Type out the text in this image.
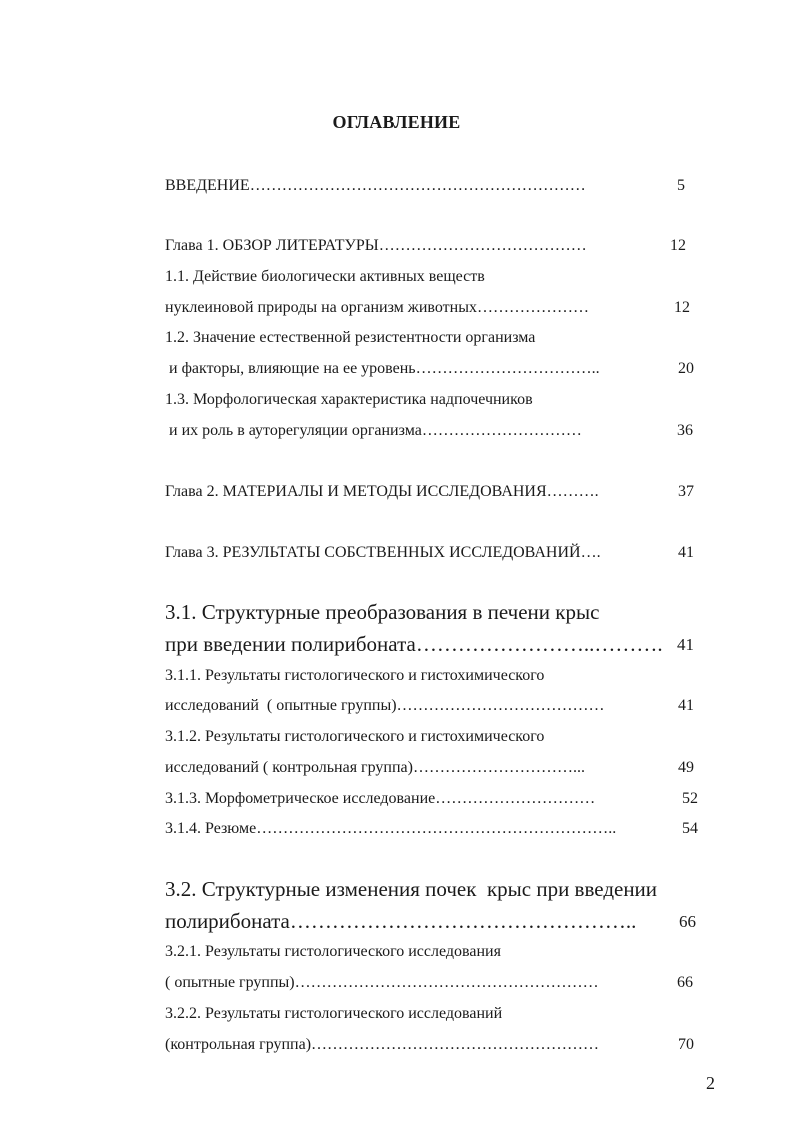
ОГЛАВЛЕНИЕ
ВВЕДЕНИЕ………………………………………………………	5
Глава 1. ОБЗОР ЛИТЕРАТУРЫ…………………………………	12
1.1. Действие биологически активных веществ
нуклеиновой природы на организм животных…………………	12
1.2. Значение естественной резистентности организма
и факторы, влияющие на ее уровень……………………………..	20
1.3. Морфологическая характеристика надпочечников
и их роль в ауторегуляции организма…………………………	36
Глава 2. МАТЕРИАЛЫ И МЕТОДЫ ИССЛЕДОВАНИЯ……….	37
Глава 3. РЕЗУЛЬТАТЫ СОБСТВЕННЫХ ИССЛЕДОВАНИЙ….	41
3.1. Структурные преобразования в печени крыс
при введении полирибоната……………………..………. 41
3.1.1. Результаты гистологического и гистохимического
исследований  ( опытные группы)…………………………………	41
3.1.2. Результаты гистологического и гистохимического
исследований ( контрольная группа)…………………………...	49
3.1.3. Морфометрическое исследование…………………………	52
3.1.4. Резюме…………………………………………………………..	54
3.2. Структурные изменения почек  крыс при введении
полирибоната…………………………………………..	66
3.2.1. Результаты гистологического исследования
( опытные группы)…………………………………………………	66
3.2.2. Результаты гистологического исследований
(контрольная группа)………………………………………………	70
2
